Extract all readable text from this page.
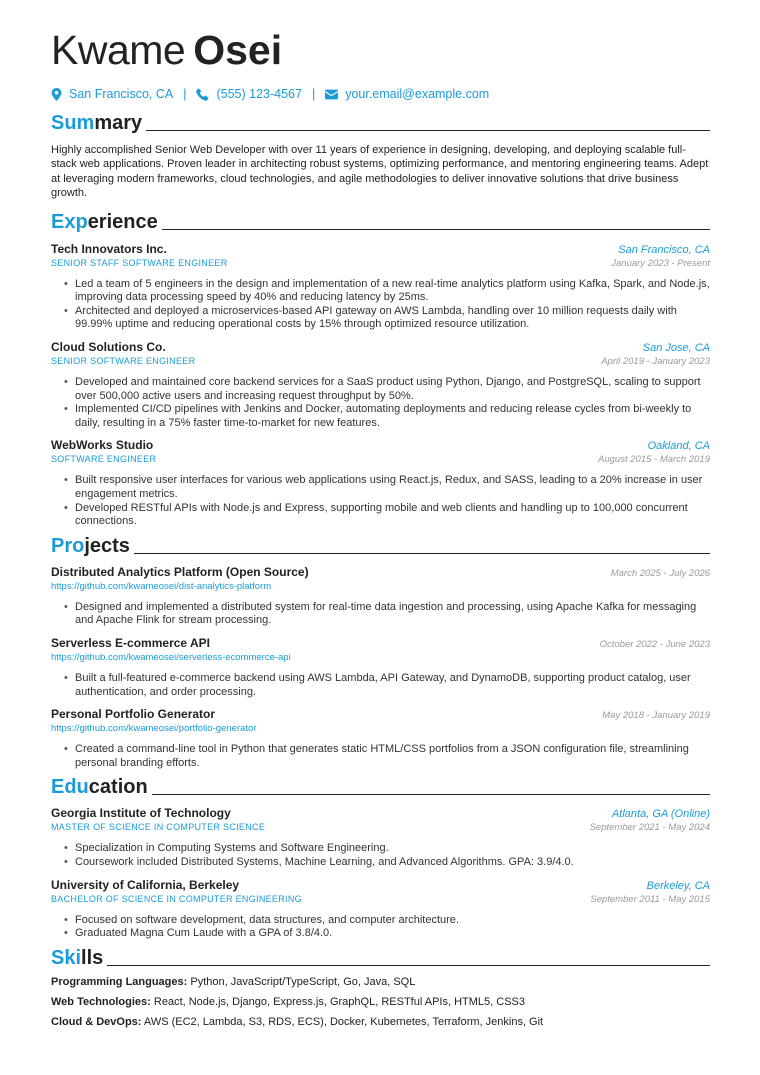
Kwame Osei
San Francisco, CA | (555) 123-4567 | your.email@example.com
Summary

Highly accomplished Senior Web Developer with over 11 years of experience in designing, developing, and deploying scalable full-stack web applications. Proven leader in architecting robust systems, optimizing performance, and mentoring engineering teams. Adept at leveraging modern frameworks, cloud technologies, and agile methodologies to deliver innovative solutions that drive business growth.

Experience
Tech Innovators Inc.	San Francisco, CA
SENIOR STAFF SOFTWARE ENGINEER	January 2023 - Present
• Led a team of 5 engineers in the design and implementation of a new real-time analytics platform using Kafka, Spark, and Node.js, improving data processing speed by 40% and reducing latency by 25ms.
• Architected and deployed a microservices-based API gateway on AWS Lambda, handling over 10 million requests daily with 99.99% uptime and reducing operational costs by 15% through optimized resource utilization.
Cloud Solutions Co.	San Jose, CA
SENIOR SOFTWARE ENGINEER	April 2019 - January 2023
• Developed and maintained core backend services for a SaaS product using Python, Django, and PostgreSQL, scaling to support over 500,000 active users and increasing request throughput by 50%.
• Implemented CI/CD pipelines with Jenkins and Docker, automating deployments and reducing release cycles from bi-weekly to daily, resulting in a 75% faster time-to-market for new features.
WebWorks Studio	Oakland, CA
SOFTWARE ENGINEER	August 2015 - March 2019
• Built responsive user interfaces for various web applications using React.js, Redux, and SASS, leading to a 20% increase in user engagement metrics.
• Developed RESTful APIs with Node.js and Express, supporting mobile and web clients and handling up to 100,000 concurrent connections.
Projects
Distributed Analytics Platform (Open Source)	March 2025 - July 2026
https://github.com/kwameosei/dist-analytics-platform
• Designed and implemented a distributed system for real-time data ingestion and processing, using Apache Kafka for messaging and Apache Flink for stream processing.
Serverless E-commerce API	October 2022 - June 2023
https://github.com/kwameosei/serverless-ecommerce-api
• Built a full-featured e-commerce backend using AWS Lambda, API Gateway, and DynamoDB, supporting product catalog, user authentication, and order processing.
Personal Portfolio Generator	May 2018 - January 2019
https://github.com/kwameosei/portfolio-generator
• Created a command-line tool in Python that generates static HTML/CSS portfolios from a JSON configuration file, streamlining personal branding efforts.
Education
Georgia Institute of Technology	Atlanta, GA (Online)
MASTER OF SCIENCE IN COMPUTER SCIENCE	September 2021 - May 2024
• Specialization in Computing Systems and Software Engineering.
• Coursework included Distributed Systems, Machine Learning, and Advanced Algorithms. GPA: 3.9/4.0.
University of California, Berkeley	Berkeley, CA
BACHELOR OF SCIENCE IN COMPUTER ENGINEERING	September 2011 - May 2015
• Focused on software development, data structures, and computer architecture.
• Graduated Magna Cum Laude with a GPA of 3.8/4.0.
Skills
Programming Languages: Python, JavaScript/TypeScript, Go, Java, SQL
Web Technologies: React, Node.js, Django, Express.js, GraphQL, RESTful APIs, HTML5, CSS3
Cloud & DevOps: AWS (EC2, Lambda, S3, RDS, ECS), Docker, Kubernetes, Terraform, Jenkins, Git
